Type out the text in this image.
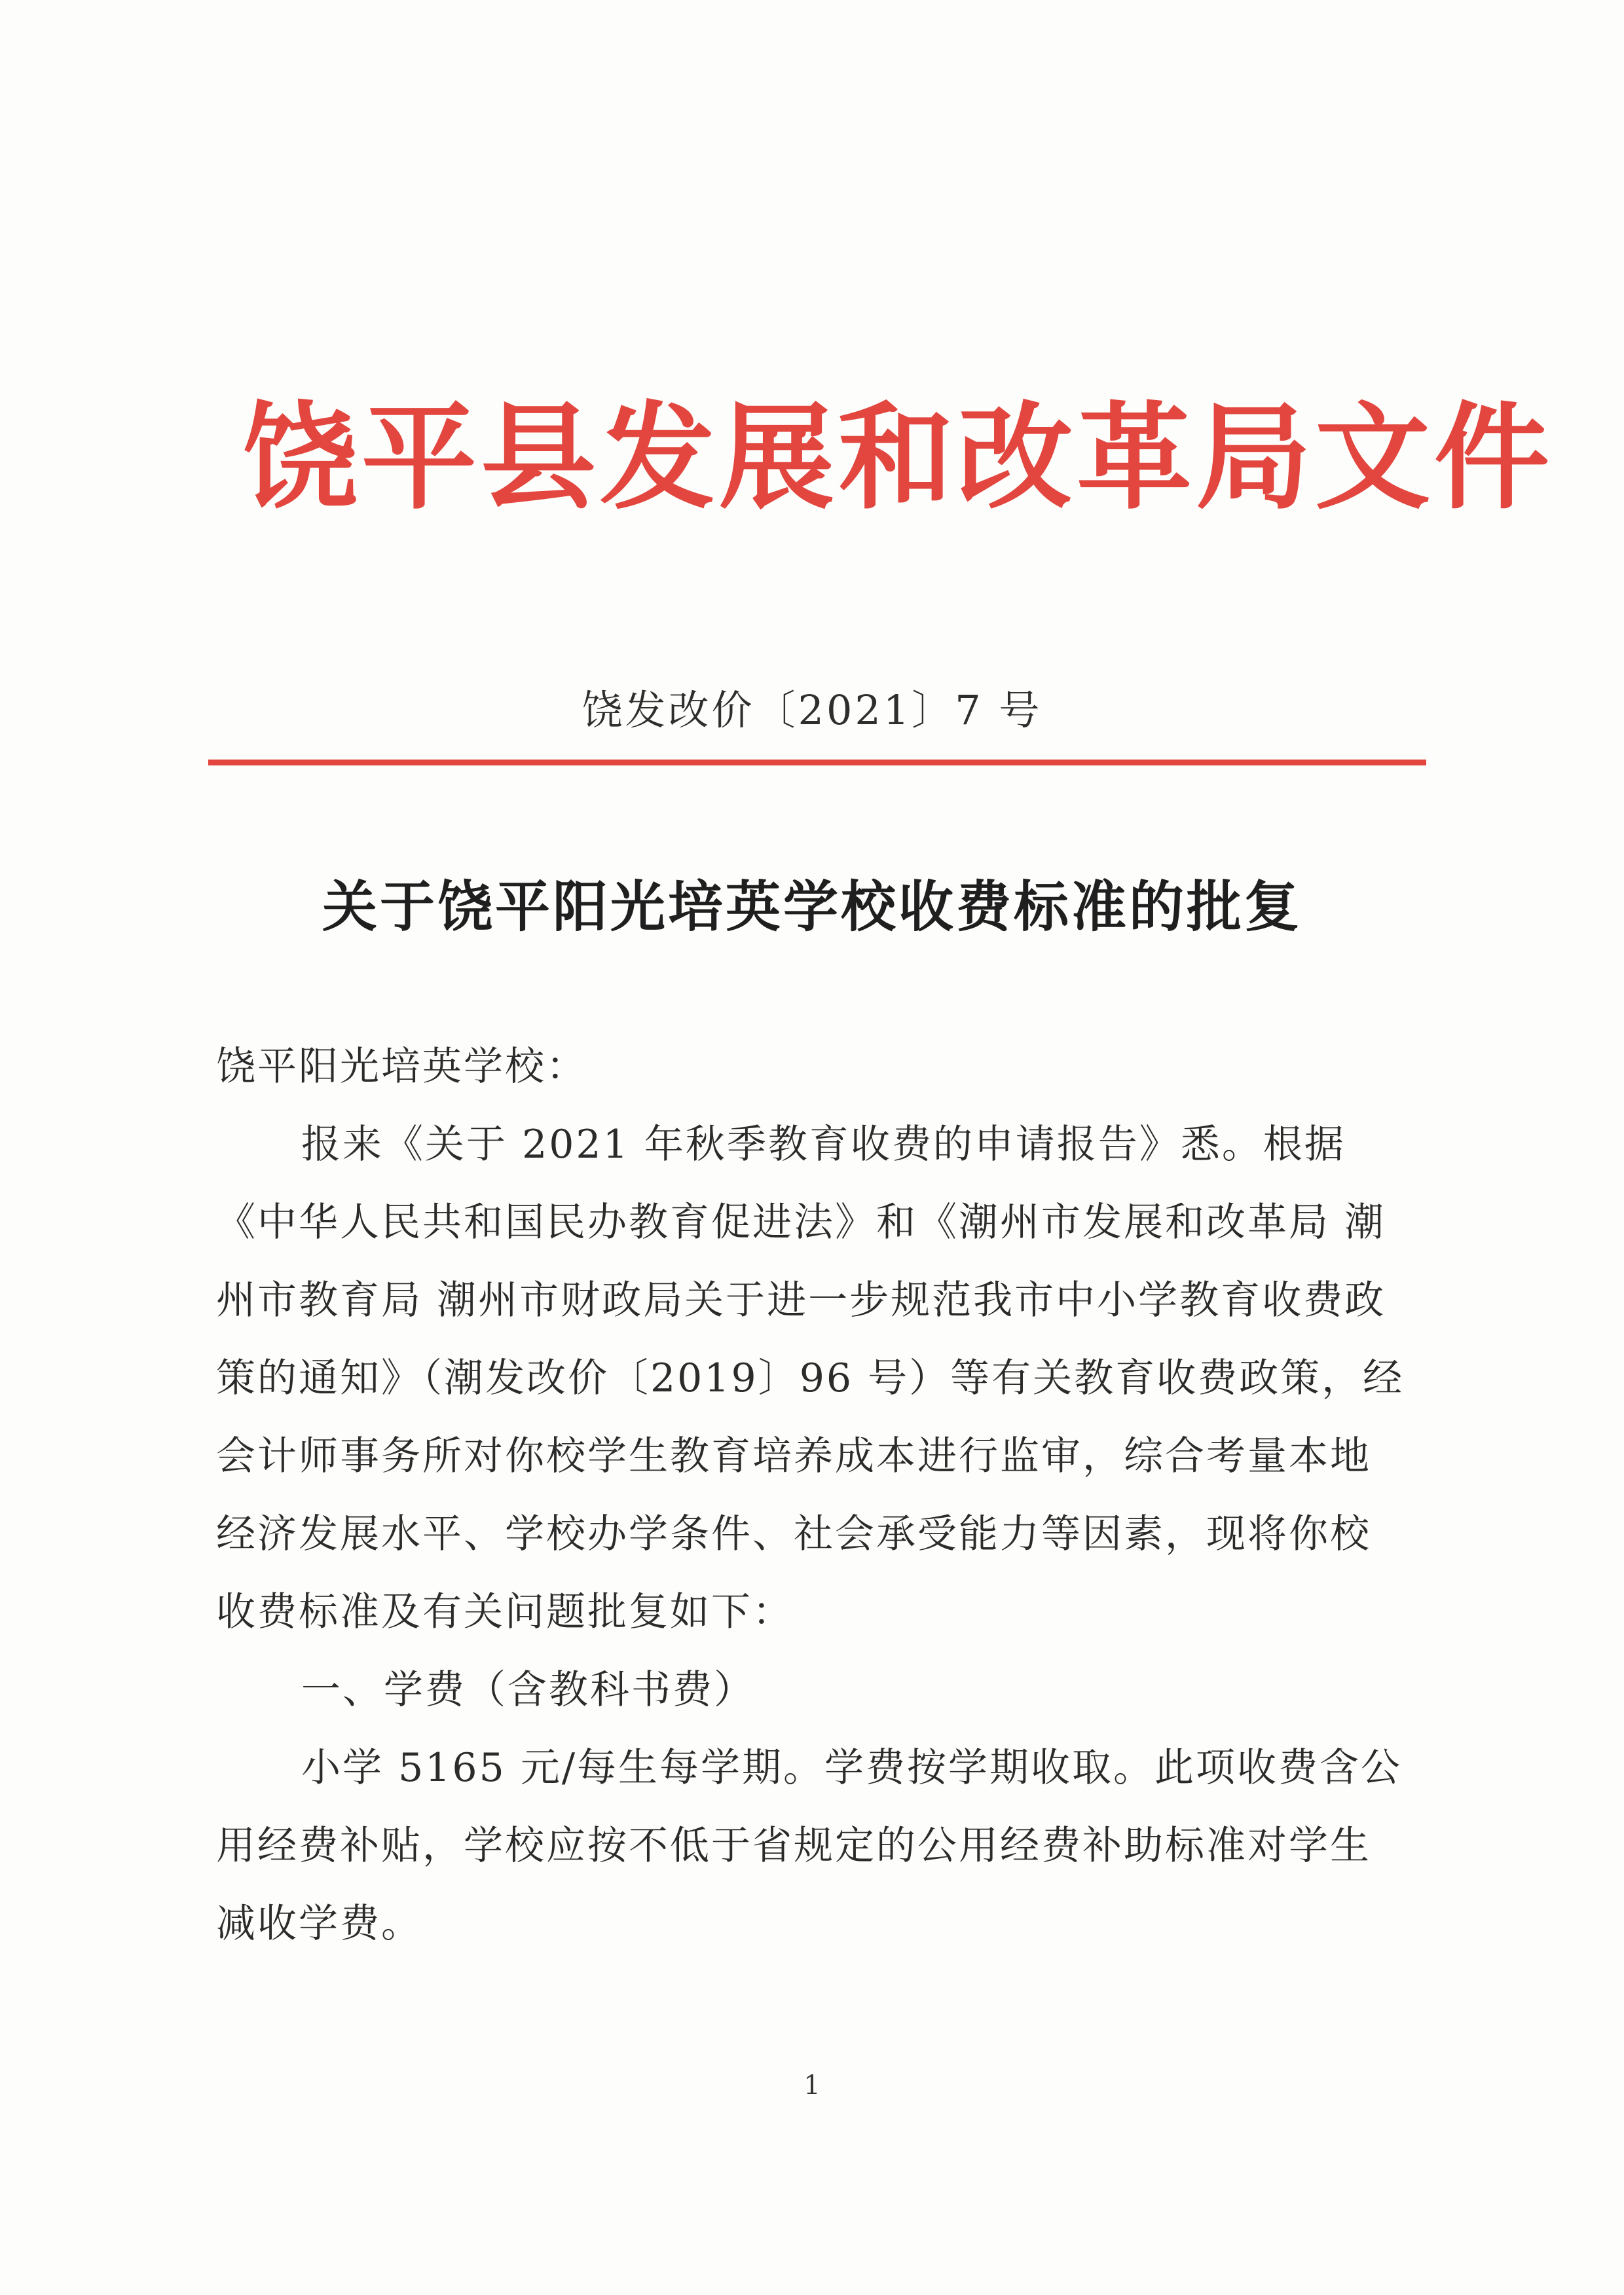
饶平县发展和改革局文件
饶发改价〔2021〕7 号
关于饶平阳光培英学校收费标准的批复

饶平阳光培英学校：

报来《关于 2021 年秋季教育收费的申请报告》悉。根据《中华人民共和国民办教育促进法》和《潮州市发展和改革局 潮州市教育局 潮州市财政局关于进一步规范我市中小学教育收费政策的通知》（潮发改价〔2019〕96 号）等有关教育收费政策，经会计师事务所对你校学生教育培养成本进行监审，综合考量本地经济发展水平、学校办学条件、社会承受能力等因素，现将你校收费标准及有关问题批复如下：

一、学费（含教科书费）

小学 5165 元/每生每学期。学费按学期收取。此项收费含公用经费补贴，学校应按不低于省规定的公用经费补助标准对学生减收学费。

1
